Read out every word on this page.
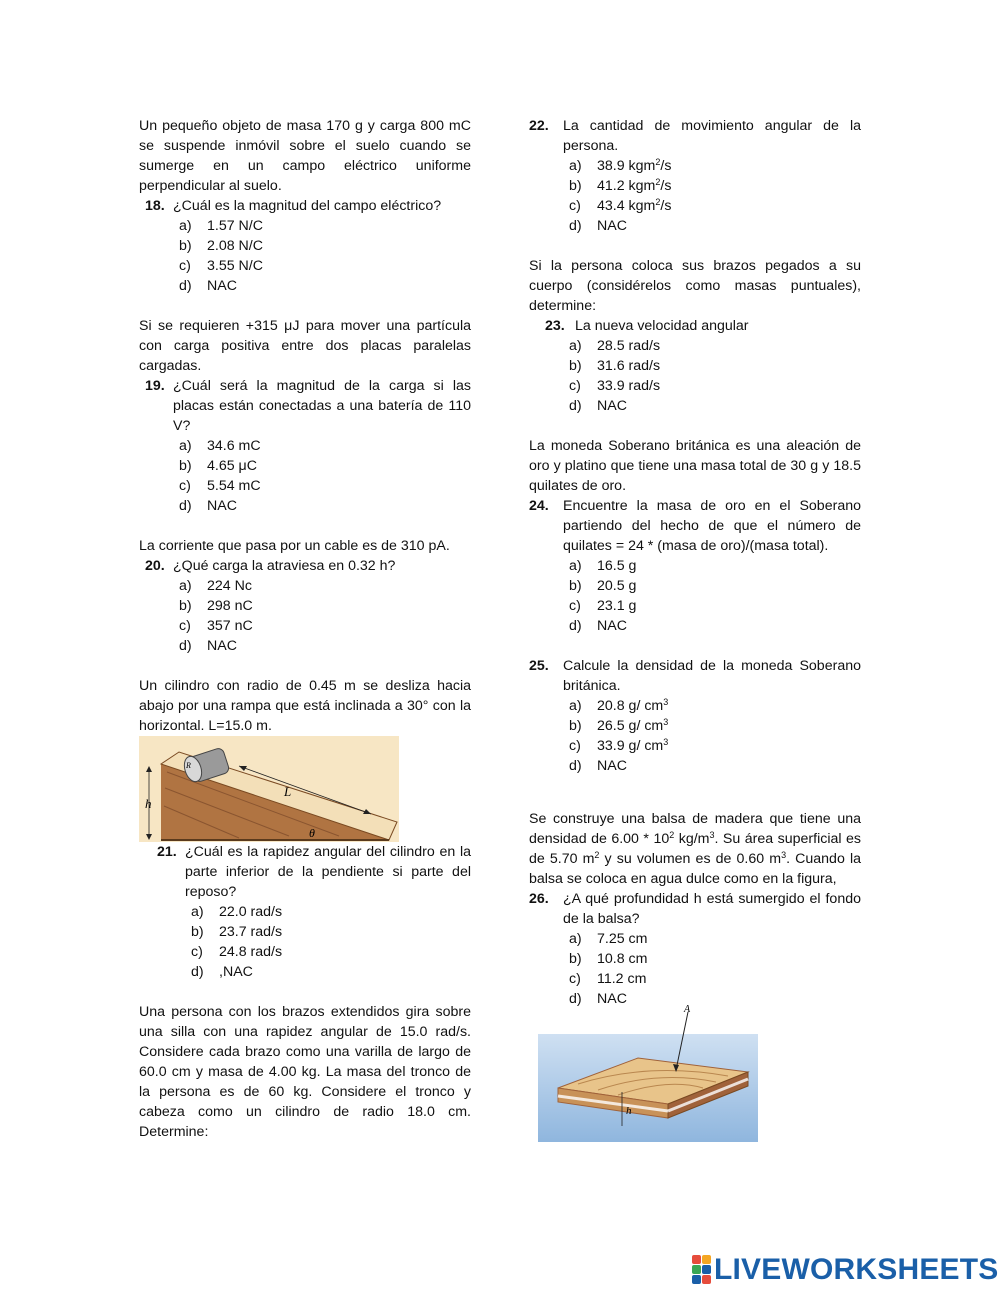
Un pequeño objeto de masa 170 g y carga 800 mC se suspende inmóvil sobre el suelo cuando se sumerge en un campo eléctrico uniforme perpendicular al suelo.

18. ¿Cuál es la magnitud del campo eléctrico?
a)	1.57 N/C
b)	2.08 N/C
c)	3.55 N/C
d)	NAC

Si se requieren +315 μJ para mover una partícula con carga positiva entre dos placas paralelas cargadas.

19. ¿Cuál será la magnitud de la carga si las placas están conectadas a una batería de 110 V?
a)	34.6 mC
b)	4.65 μC
c)	5.54 mC
d)	NAC

La corriente que pasa por un cable es de 310 pA.

20. ¿Qué carga la atraviesa en 0.32 h?
a)	224 Nc
b)	298 nC
c)	357 nC
d)	NAC

Un cilindro con radio de 0.45 m se desliza hacia abajo por una rampa que está inclinada a 30° con la horizontal. L=15.0 m.

R
L
h
θ
21. ¿Cuál es la rapidez angular del cilindro en la parte inferior de la pendiente si parte del reposo?
a)	22.0 rad/s
b)	23.7 rad/s
c)	24.8 rad/s
d)	,NAC

Una persona con los brazos extendidos gira sobre una silla con una rapidez angular de 15.0 rad/s. Considere cada brazo como una varilla de largo de 60.0 cm y masa de 4.00 kg. La masa del tronco de la persona es de 60 kg. Considere el tronco y cabeza como un cilindro de radio 18.0 cm. Determine:

22.	La cantidad de movimiento angular de la persona.
a)	38.9 kgm$^2$/s
b)	41.2 kgm$^2$/s
c)	43.4 kgm$^2$/s
d)	NAC

Si la persona coloca sus brazos pegados a su cuerpo (considérelos como masas puntuales), determine:

23. La nueva velocidad angular
a)	28.5 rad/s
b)	31.6 rad/s
c)	33.9 rad/s
d)	NAC

La moneda Soberano británica es una aleación de oro y platino que tiene una masa total de 30 g y 18.5 quilates de oro.

24.	Encuentre la masa de oro en el Soberano partiendo del hecho de que el número de quilates = 24 * (masa de oro)/(masa total).
a)	16.5 g
b)	20.5 g
c)	23.1 g
d)	NAC
25.	Calcule la densidad de la moneda Soberano británica.
a)	20.8 g/ $cm^3$
b)	26.5 g/ $cm^3$
c)	33.9 g/ $cm^3$
d)	NAC

Se construye una balsa de madera que tiene una densidad de $6.00 * 10^2$ $kg/m^3$. Su área superficial es de 5.70 $m^2$ y su volumen es de 0.60 $m^3$. Cuando la balsa se coloca en agua dulce como en la figura,

26.	¿A qué profundidad h está sumergido el fondo de la balsa?
a)	7.25 cm
b)	10.8 cm
c)	11.2 cm
d)	NAC
A
h
LIVEWORKSHEETS
